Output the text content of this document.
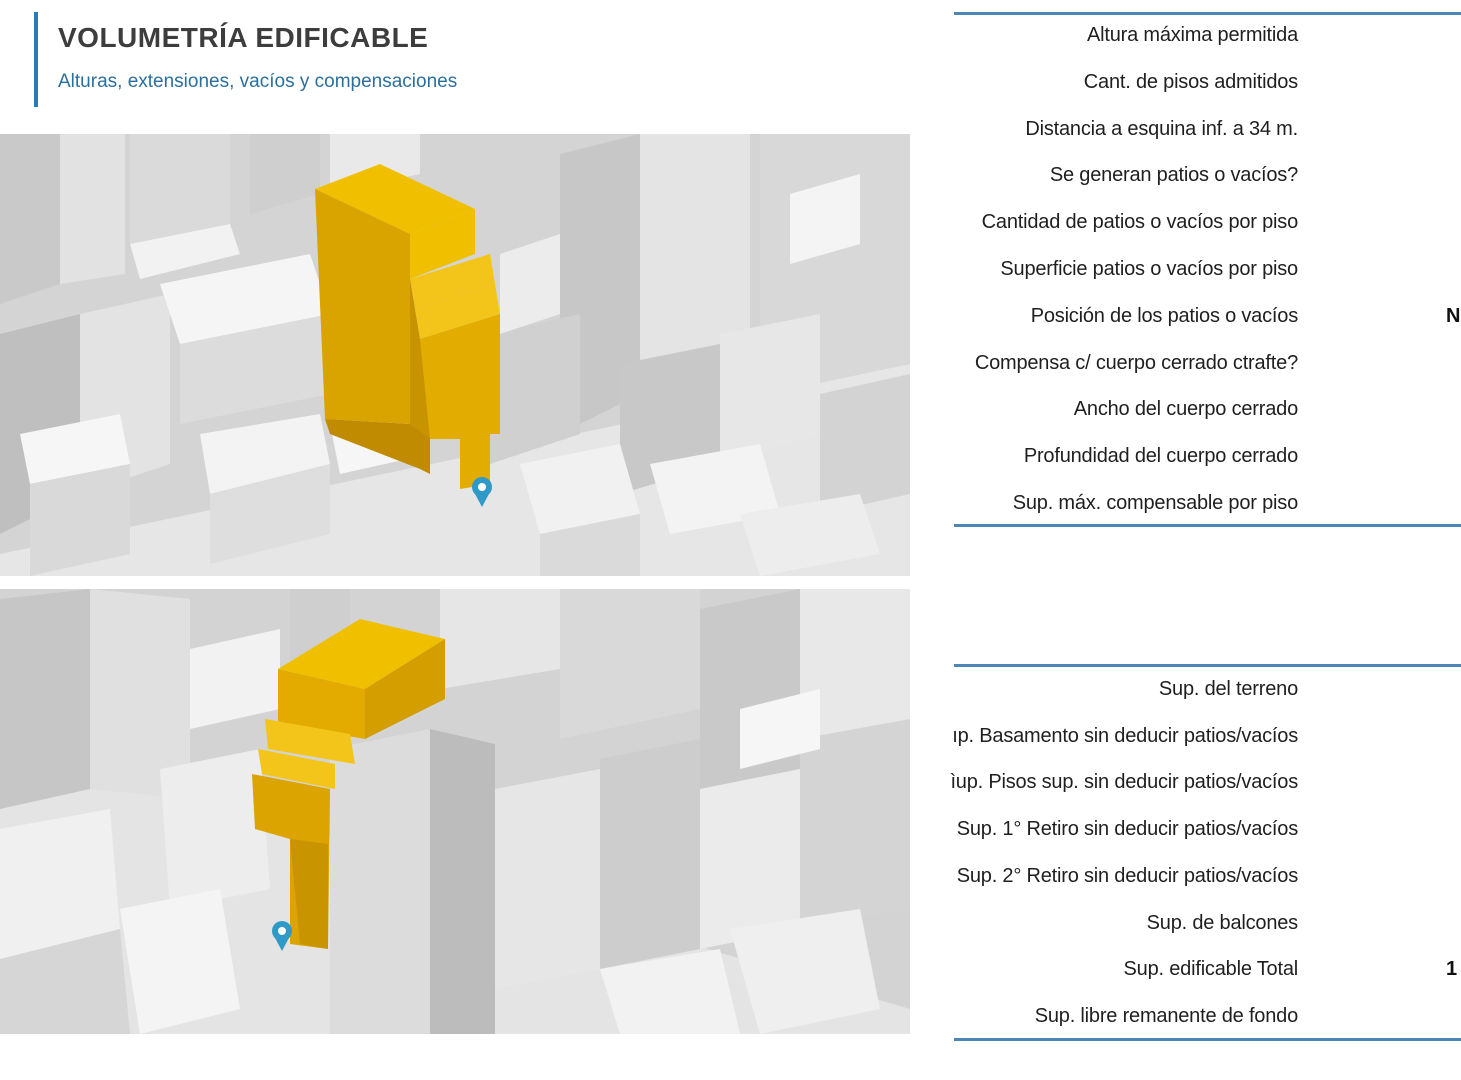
VOLUMETRÍA EDIFICABLE
Alturas, extensiones, vacíos y compensaciones
Altura máxima permitida
Cant. de pisos admitidos
Distancia a esquina inf. a 34 m.
Se generan patios o vacíos?
Cantidad de patios o vacíos por piso
Superficie patios o vacíos por piso
Posición de los patios o vacíos	N
Compensa c/ cuerpo cerrado ctrafte?
Ancho del cuerpo cerrado
Profundidad del cuerpo cerrado
Sup. máx. compensable por piso
Sup. del terreno
ıp. Basamento sin deducir patios/vacíos
ìup. Pisos sup. sin deducir patios/vacíos
Sup. 1° Retiro sin deducir patios/vacíos
Sup. 2° Retiro sin deducir patios/vacíos
Sup. de balcones
Sup. edificable Total	1
Sup. libre remanente de fondo
